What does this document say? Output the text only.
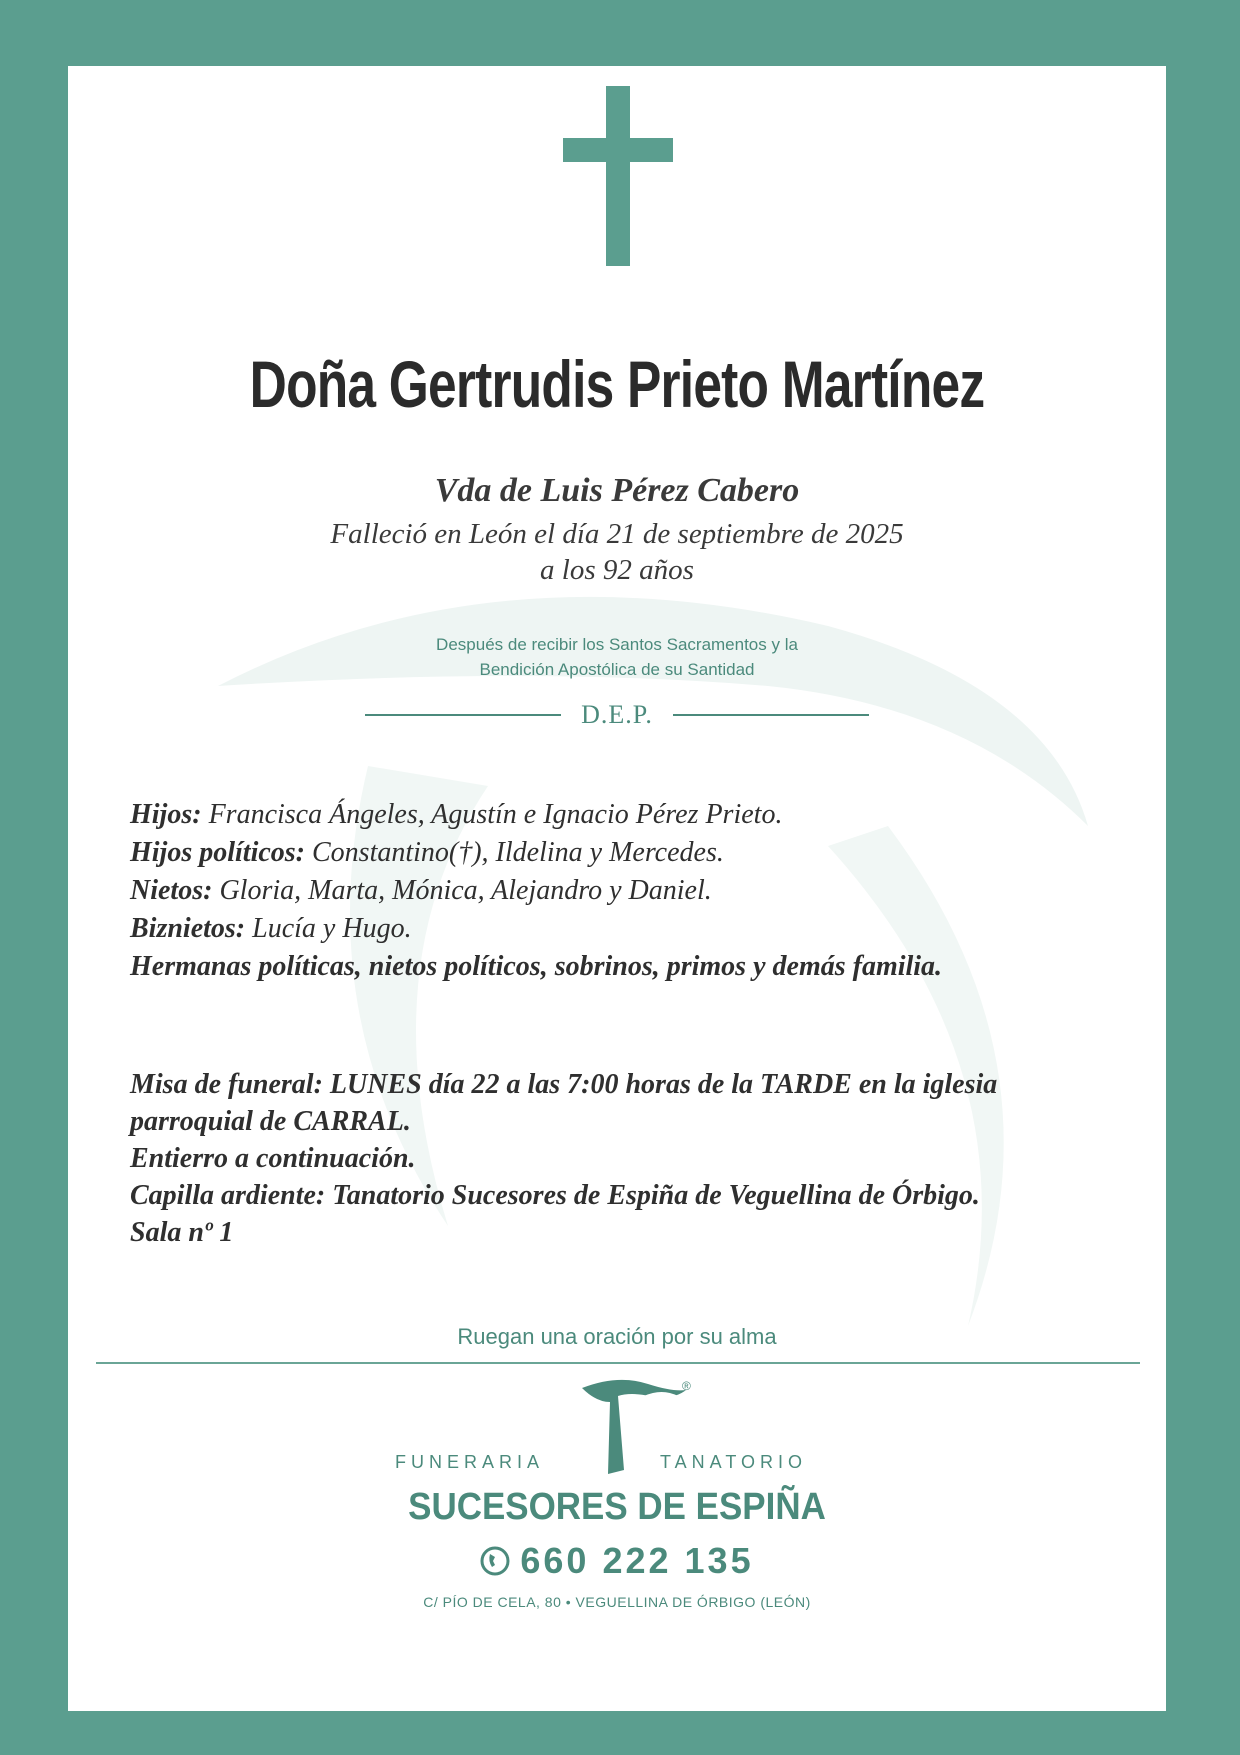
Doña Gertrudis Prieto Martínez
Vda de Luis Pérez Cabero
Falleció en León el día 21 de septiembre de 2025
a los 92 años
Después de recibir los Santos Sacramentos y la
Bendición Apostólica de su Santidad
D.E.P.
Hijos: Francisca Ángeles, Agustín e Ignacio Pérez Prieto.
Hijos políticos: Constantino(†), Ildelina y Mercedes.
Nietos: Gloria, Marta, Mónica, Alejandro y Daniel.
Biznietos: Lucía y Hugo.
Hermanas políticas, nietos políticos, sobrinos, primos y demás familia.
Misa de funeral: LUNES día 22 a las 7:00 horas de la TARDE en la iglesia
parroquial de CARRAL.
Entierro a continuación.
Capilla ardiente: Tanatorio Sucesores de Espiña de Veguellina de Órbigo.
Sala nº 1
Ruegan una oración por su alma
®
FUNERARIA	TANATORIO
SUCESORES DE ESPIÑA
660 222 135
C/ PÍO DE CELA, 80 • VEGUELLINA DE ÓRBIGO (LEÓN)
